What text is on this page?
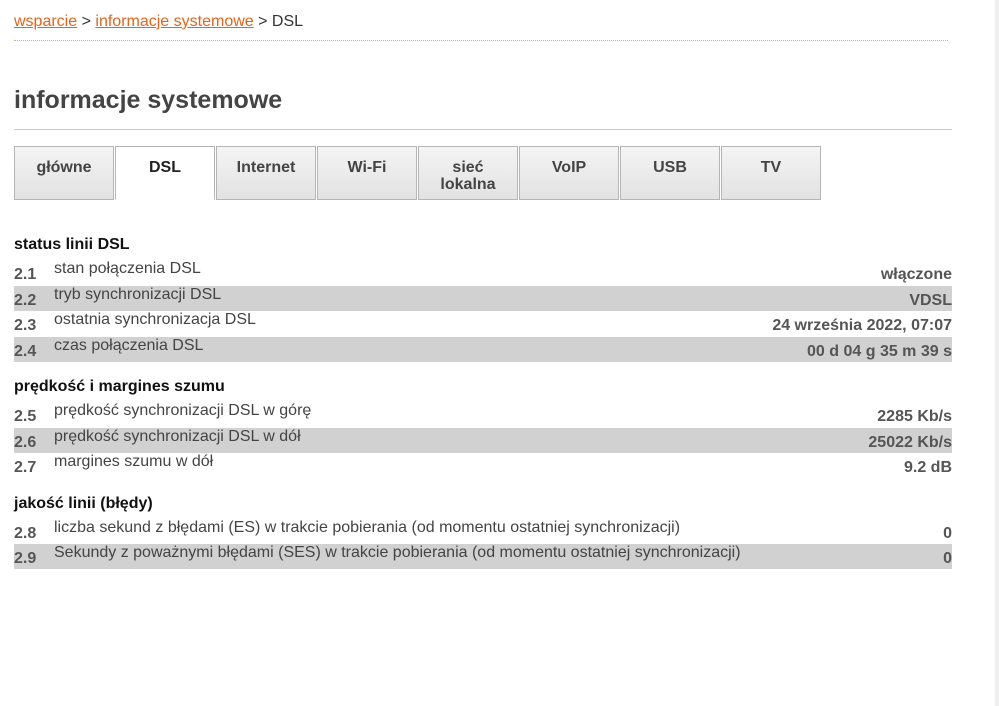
wsparcie > informacje systemowe > DSL
informacje systemowe
główne	DSL	Internet	Wi-Fi	sieć lokalna
VoIP	USB	TV
status linii DSL
2.1 stan połączenia DSL	włączone
2.2 tryb synchronizacji DSL	VDSL
2.3 ostatnia synchronizacja DSL	24 września 2022, 07:07
2.4 czas połączenia DSL	00 d 04 g 35 m 39 s
prędkość i margines szumu
2.5 prędkość synchronizacji DSL w górę	2285 Kb/s
2.6 prędkość synchronizacji DSL w dół	25022 Kb/s
2.7 margines szumu w dół	9.2 dB
jakość linii (błędy)
2.8 liczba sekund z błędami (ES) w trakcie pobierania (od momentu ostatniej synchronizacji)	0
2.9 Sekundy z poważnymi błędami (SES) w trakcie pobierania (od momentu ostatniej synchronizacji)	0
